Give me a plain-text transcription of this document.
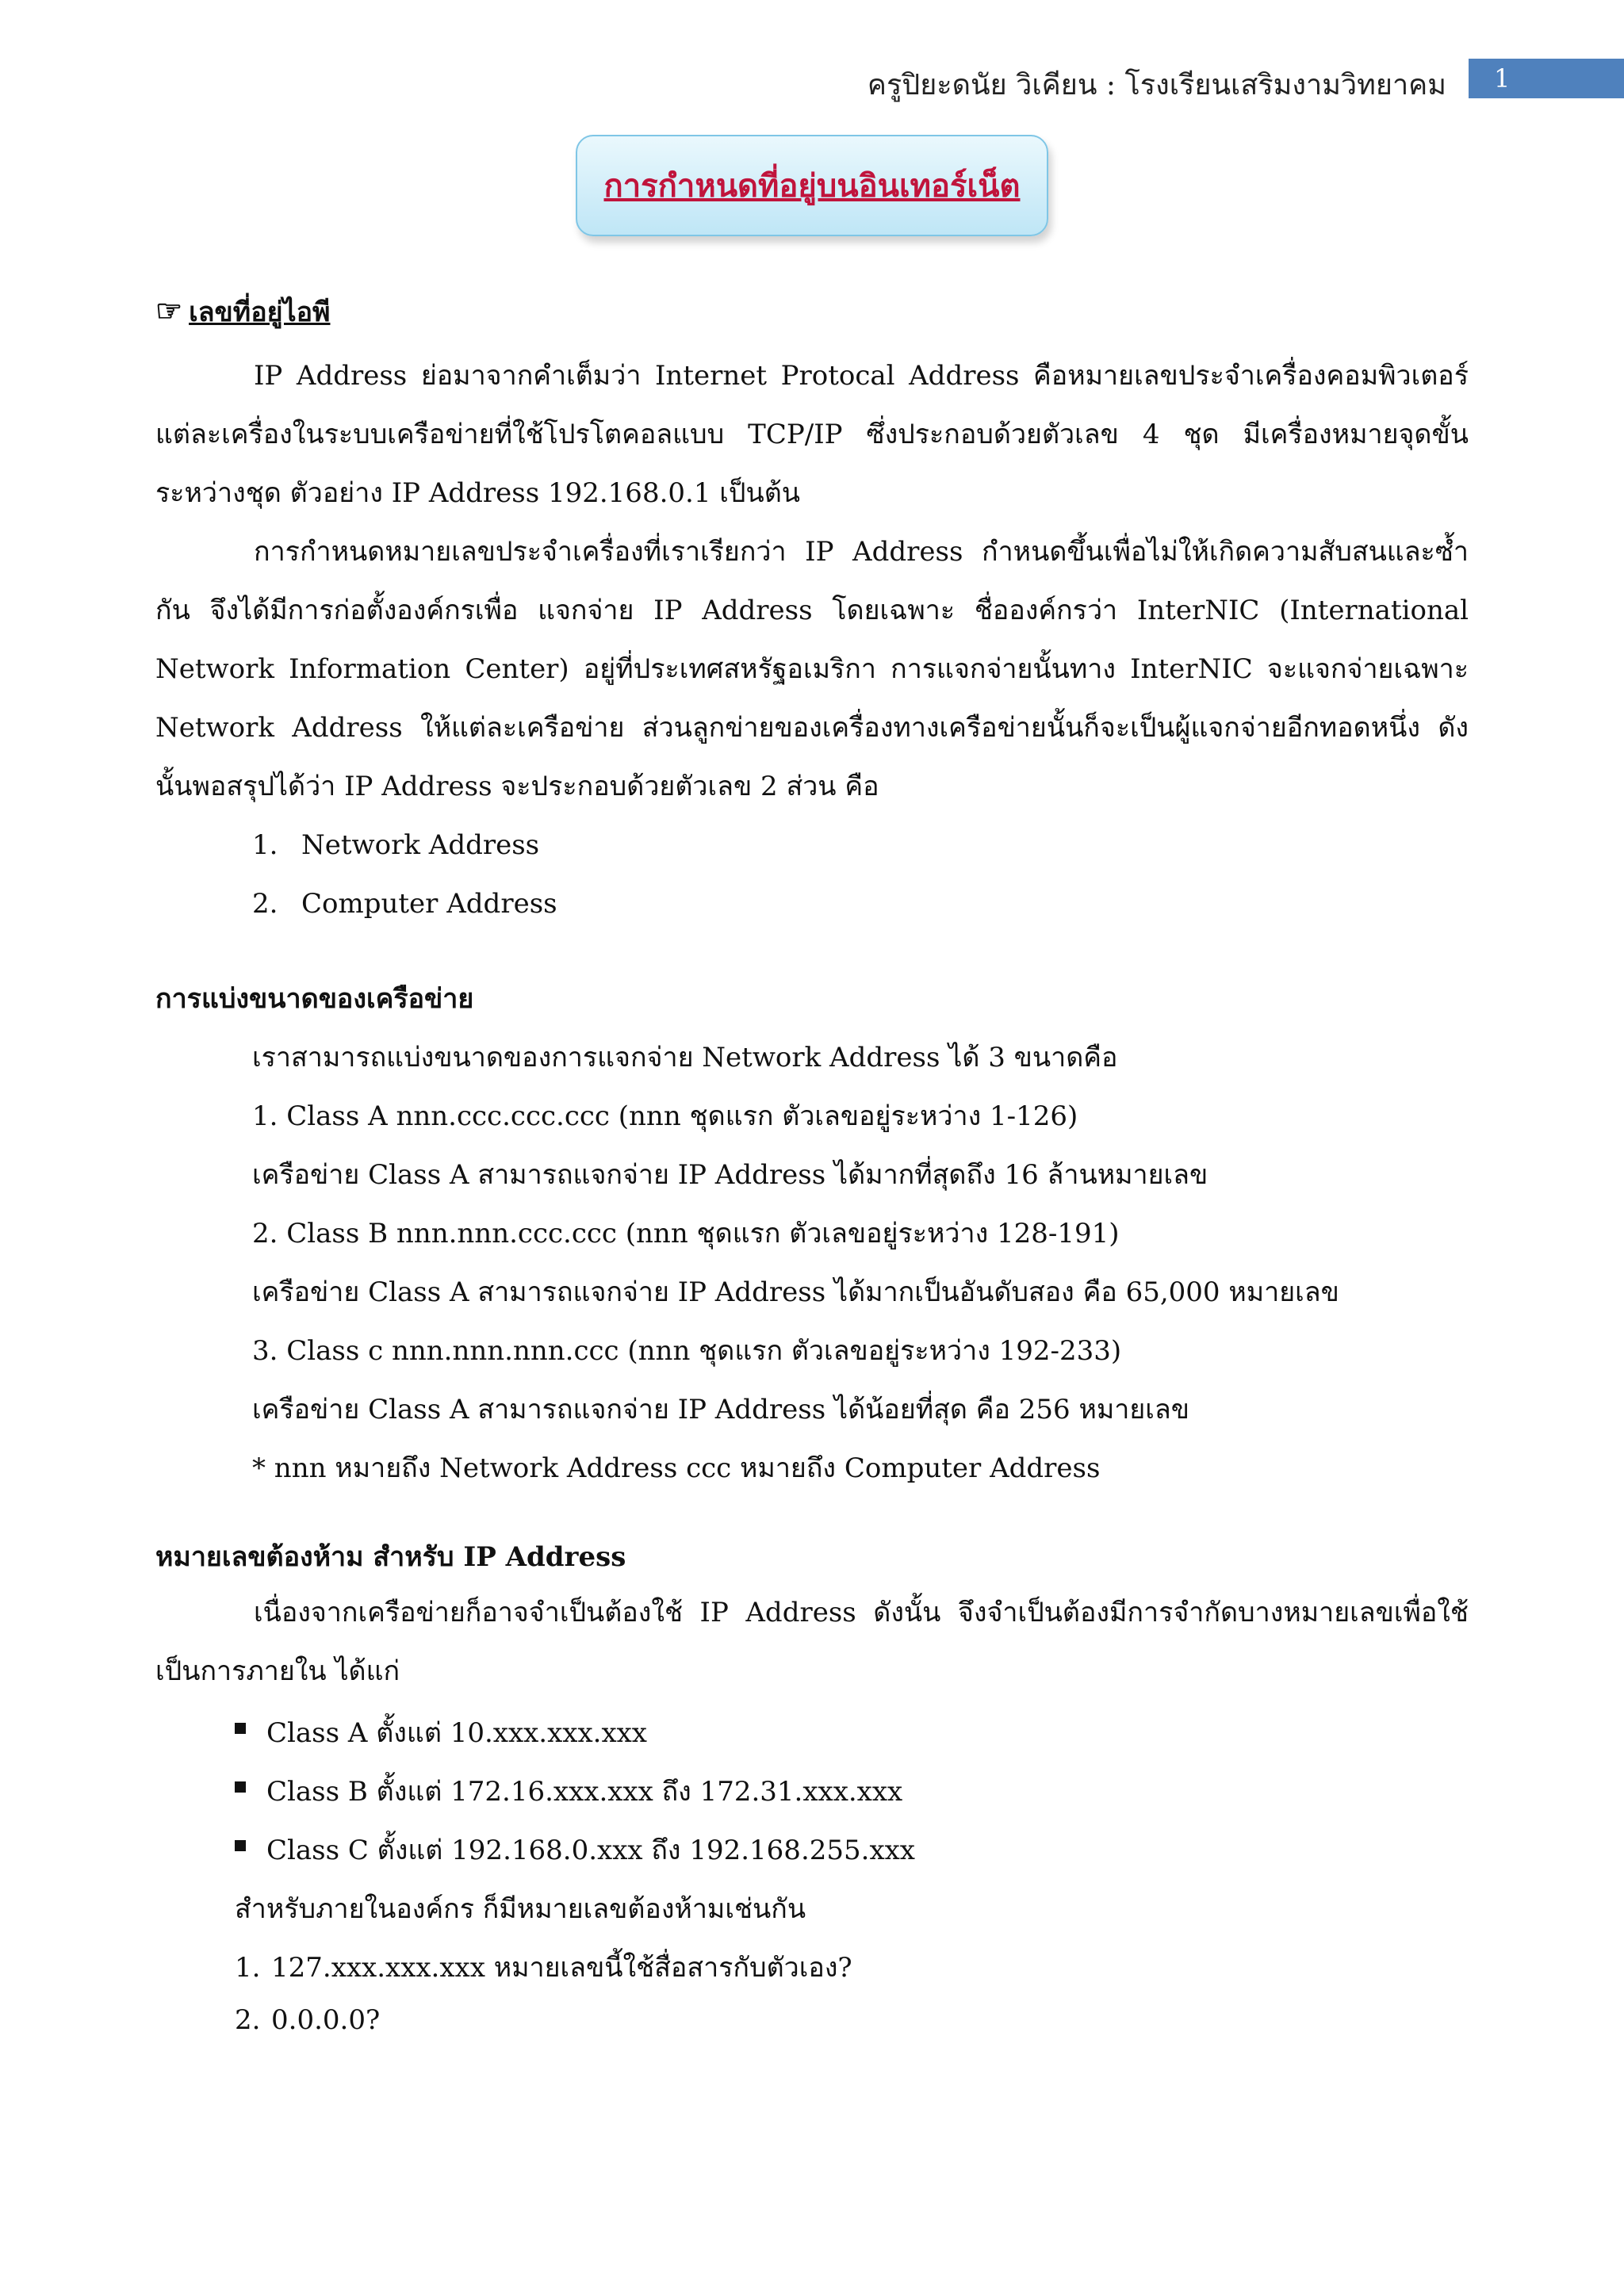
ครูปิยะดนัย วิเคียน : โรงเรียนเสริมงามวิทยาคม 1
การกำหนดที่อยู่บนอินเทอร์เน็ต
☞ เลขที่อยู่ไอพี
IP Address ย่อมาจากคำเต็มว่า Internet Protocal Address คือหมายเลขประจำเครื่องคอมพิวเตอร์แต่ละเครื่องในระบบเครือข่ายที่ใช้โปรโตคอลแบบ TCP/IP ซึ่งประกอบด้วยตัวเลข 4 ชุด มีเครื่องหมายจุดขั้นระหว่างชุด ตัวอย่าง IP Address 192.168.0.1 เป็นต้น
การกำหนดหมายเลขประจำเครื่องที่เราเรียกว่า IP Address กำหนดขึ้นเพื่อไม่ให้เกิดความสับสนและซ้ำกัน จึงได้มีการก่อตั้งองค์กรเพื่อ แจกจ่าย IP Address โดยเฉพาะ ชื่อองค์กรว่า InterNIC (International Network Information Center) อยู่ที่ประเทศสหรัฐอเมริกา การแจกจ่ายนั้นทาง InterNIC จะแจกจ่ายเฉพาะ Network Address ให้แต่ละเครือข่าย ส่วนลูกข่ายของเครื่องทางเครือข่ายนั้นก็จะเป็นผู้แจกจ่ายอีกทอดหนึ่ง ดังนั้นพอสรุปได้ว่า IP Address จะประกอบด้วยตัวเลข 2 ส่วน คือ
1. Network Address
2. Computer Address
การแบ่งขนาดของเครือข่าย
เราสามารถแบ่งขนาดของการแจกจ่าย Network Address ได้ 3 ขนาดคือ
1. Class A nnn.ccc.ccc.ccc (nnn ชุดแรก ตัวเลขอยู่ระหว่าง 1-126)
เครือข่าย Class A สามารถแจกจ่าย IP Address ได้มากที่สุดถึง 16 ล้านหมายเลข
2. Class B nnn.nnn.ccc.ccc (nnn ชุดแรก ตัวเลขอยู่ระหว่าง 128-191)
เครือข่าย Class A สามารถแจกจ่าย IP Address ได้มากเป็นอันดับสอง คือ 65,000 หมายเลข
3. Class c nnn.nnn.nnn.ccc (nnn ชุดแรก ตัวเลขอยู่ระหว่าง 192-233)
เครือข่าย Class A สามารถแจกจ่าย IP Address ได้น้อยที่สุด คือ 256 หมายเลข
* nnn หมายถึง Network Address ccc หมายถึง Computer Address
หมายเลขต้องห้าม สำหรับ IP Address
เนื่องจากเครือข่ายก็อาจจำเป็นต้องใช้ IP Address ดังนั้น จึงจำเป็นต้องมีการจำกัดบางหมายเลขเพื่อใช้เป็นการภายใน ได้แก่
Class A ตั้งแต่ 10.xxx.xxx.xxx
Class B ตั้งแต่ 172.16.xxx.xxx ถึง 172.31.xxx.xxx
Class C ตั้งแต่ 192.168.0.xxx ถึง 192.168.255.xxx
สำหรับภายในองค์กร ก็มีหมายเลขต้องห้ามเช่นกัน
1. 127.xxx.xxx.xxx หมายเลขนี้ใช้สื่อสารกับตัวเอง?
2. 0.0.0.0?
